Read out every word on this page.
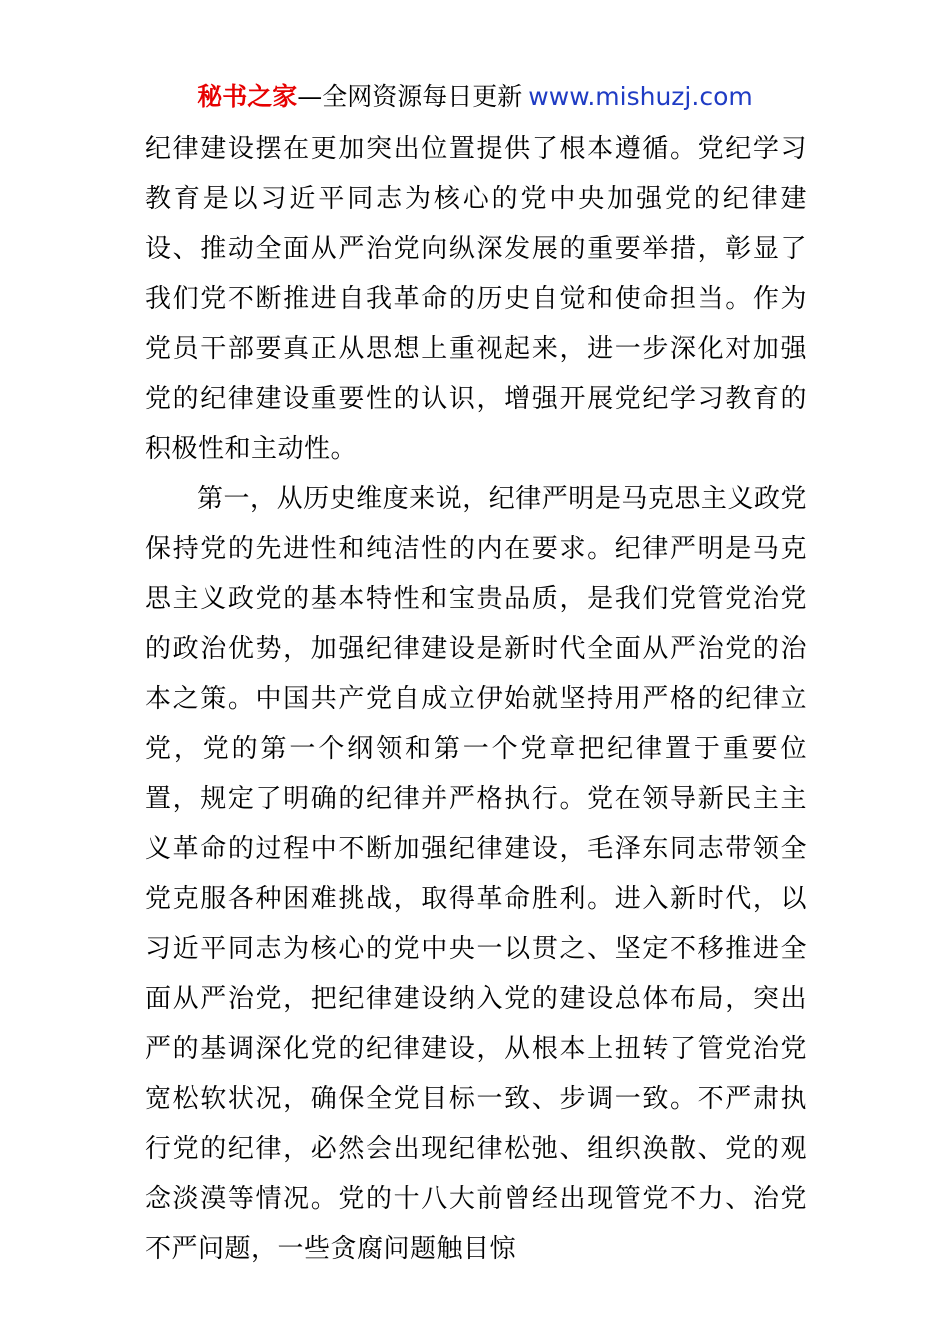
秘书之家—全网资源每日更新 www.mishuzj.com

纪律建设摆在更加突出位置提供了根本遵循。党纪学习教育是以习近平同志为核心的党中央加强党的纪律建设、推动全面从严治党向纵深发展的重要举措，彰显了我们党不断推进自我革命的历史自觉和使命担当。作为党员干部要真正从思想上重视起来，进一步深化对加强党的纪律建设重要性的认识，增强开展党纪学习教育的积极性和主动性。

第一，从历史维度来说，纪律严明是马克思主义政党保持党的先进性和纯洁性的内在要求。纪律严明是马克思主义政党的基本特性和宝贵品质，是我们党管党治党的政治优势，加强纪律建设是新时代全面从严治党的治本之策。中国共产党自成立伊始就坚持用严格的纪律立党，党的第一个纲领和第一个党章把纪律置于重要位置，规定了明确的纪律并严格执行。党在领导新民主主义革命的过程中不断加强纪律建设，毛泽东同志带领全党克服各种困难挑战，取得革命胜利。进入新时代，以习近平同志为核心的党中央一以贯之、坚定不移推进全面从严治党，把纪律建设纳入党的建设总体布局，突出严的基调深化党的纪律建设，从根本上扭转了管党治党宽松软状况，确保全党目标一致、步调一致。不严肃执行党的纪律，必然会出现纪律松弛、组织涣散、党的观念淡漠等情况。党的十八大前曾经出现管党不力、治党不严问题，一些贪腐问题触目惊
